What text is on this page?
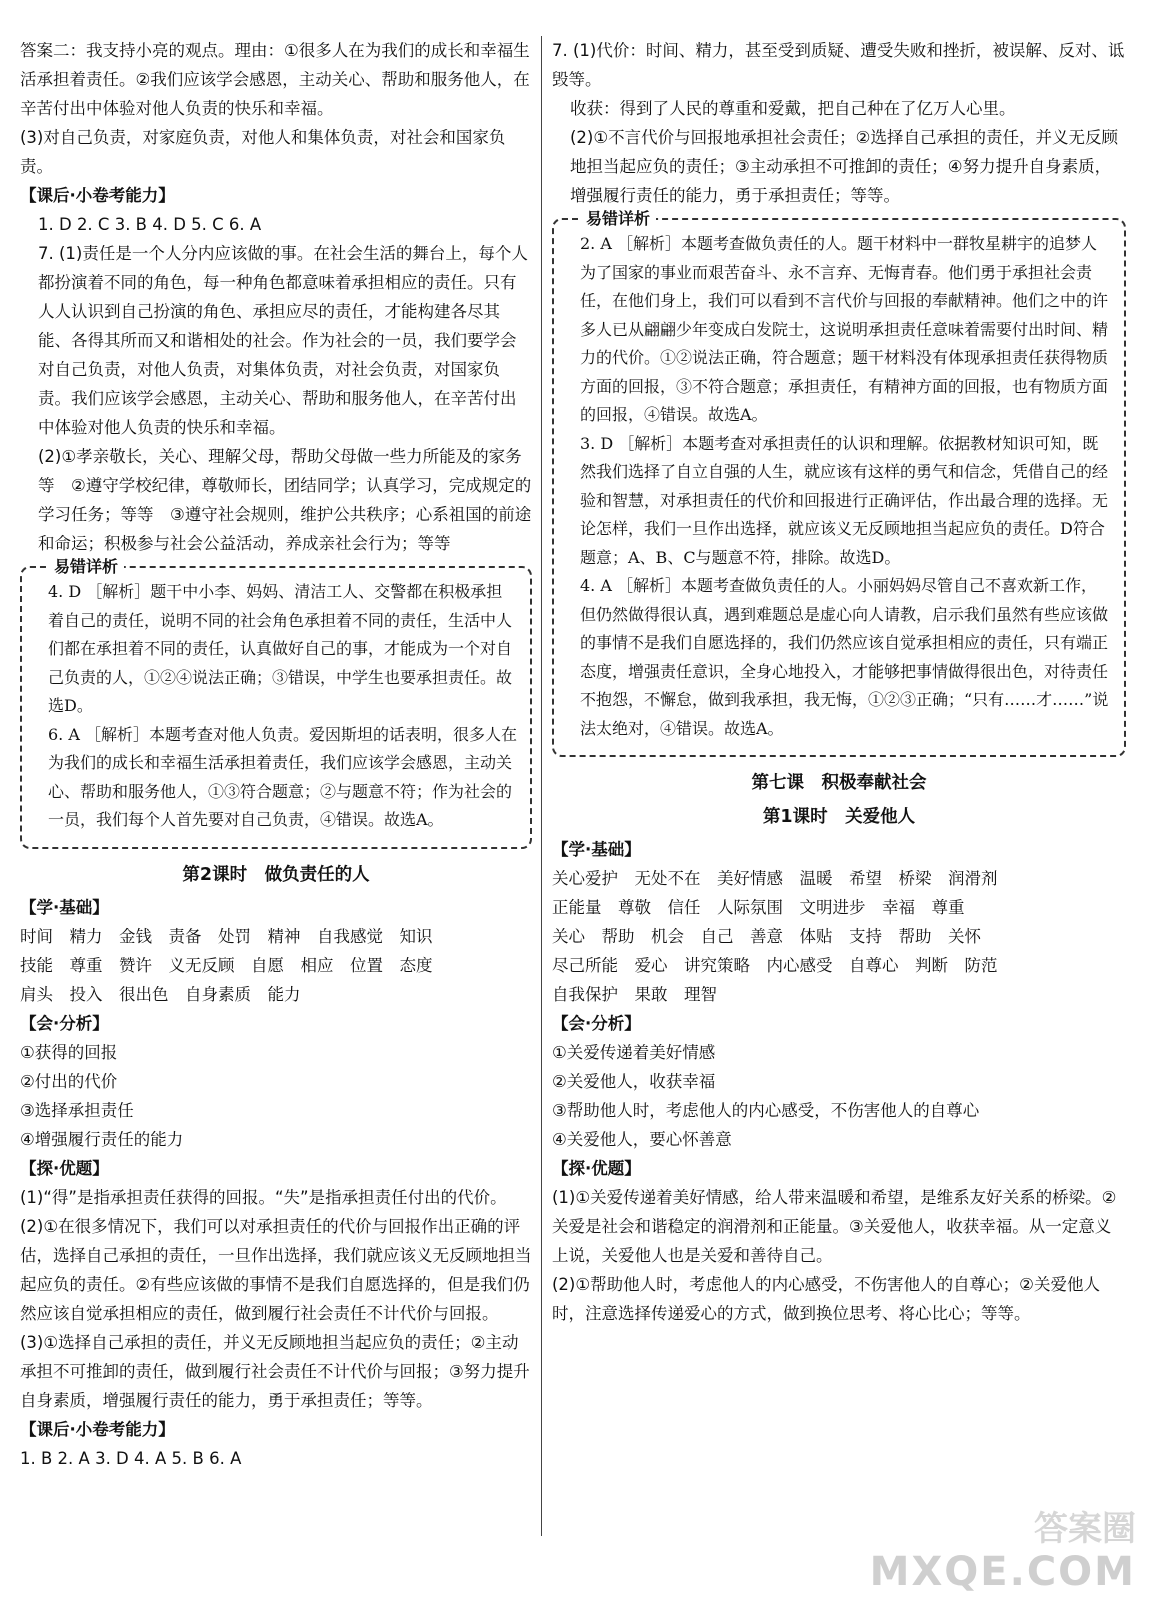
答案二：我支持小亮的观点。理由：①很多人在为我们的成长和幸福生活承担着责任。②我们应该学会感恩，主动关心、帮助和服务他人，在辛苦付出中体验对他人负责的快乐和幸福。

(3)对自己负责，对家庭负责，对他人和集体负责，对社会和国家负责。

【课后·小卷考能力】

1. D 2. C 3. B 4. D 5. C 6. A

7. (1)责任是一个人分内应该做的事。在社会生活的舞台上，每个人都扮演着不同的角色，每一种角色都意味着承担相应的责任。只有人人认识到自己扮演的角色、承担应尽的责任，才能构建各尽其能、各得其所而又和谐相处的社会。作为社会的一员，我们要学会对自己负责，对他人负责，对集体负责，对社会负责，对国家负责。我们应该学会感恩，主动关心、帮助和服务他人，在辛苦付出中体验对他人负责的快乐和幸福。

(2)①孝亲敬长，关心、理解父母，帮助父母做一些力所能及的家务等　②遵守学校纪律，尊敬师长，团结同学；认真学习，完成规定的学习任务；等等　③遵守社会规则，维护公共秩序；心系祖国的前途和命运；积极参与社会公益活动，养成亲社会行为；等等

易错详析

4. D ［解析］题干中小李、妈妈、清洁工人、交警都在积极承担着自己的责任，说明不同的社会角色承担着不同的责任，生活中人们都在承担着不同的责任，认真做好自己的事，才能成为一个对自己负责的人，①②④说法正确；③错误，中学生也要承担责任。故选D。

6. A ［解析］本题考查对他人负责。爱因斯坦的话表明，很多人在为我们的成长和幸福生活承担着责任，我们应该学会感恩，主动关心、帮助和服务他人，①③符合题意；②与题意不符；作为社会的一员，我们每个人首先要对自己负责，④错误。故选A。

第2课时　做负责任的人

【学·基础】

时间　精力　金钱　责备　处罚　精神　自我感觉　知识

技能　尊重　赞许　义无反顾　自愿　相应　位置　态度

肩头　投入　很出色　自身素质　能力

【会·分析】

①获得的回报

②付出的代价

③选择承担责任

④增强履行责任的能力

【探·优题】

(1)“得”是指承担责任获得的回报。“失”是指承担责任付出的代价。

(2)①在很多情况下，我们可以对承担责任的代价与回报作出正确的评估，选择自己承担的责任，一旦作出选择，我们就应该义无反顾地担当起应负的责任。②有些应该做的事情不是我们自愿选择的，但是我们仍然应该自觉承担相应的责任，做到履行社会责任不计代价与回报。

(3)①选择自己承担的责任，并义无反顾地担当起应负的责任；②主动承担不可推卸的责任，做到履行社会责任不计代价与回报；③努力提升自身素质，增强履行责任的能力，勇于承担责任；等等。

【课后·小卷考能力】

1. B 2. A 3. D 4. A 5. B 6. A

7. (1)代价：时间、精力，甚至受到质疑、遭受失败和挫折，被误解、反对、诋毁等。

收获：得到了人民的尊重和爱戴，把自己种在了亿万人心里。

(2)①不言代价与回报地承担社会责任；②选择自己承担的责任，并义无反顾地担当起应负的责任；③主动承担不可推卸的责任；④努力提升自身素质，增强履行责任的能力，勇于承担责任；等等。

易错详析

2. A ［解析］本题考查做负责任的人。题干材料中一群牧星耕宇的追梦人为了国家的事业而艰苦奋斗、永不言弃、无悔青春。他们勇于承担社会责任，在他们身上，我们可以看到不言代价与回报的奉献精神。他们之中的许多人已从翩翩少年变成白发院士，这说明承担责任意味着需要付出时间、精力的代价。①②说法正确，符合题意；题干材料没有体现承担责任获得物质方面的回报，③不符合题意；承担责任，有精神方面的回报，也有物质方面的回报，④错误。故选A。

3. D ［解析］本题考查对承担责任的认识和理解。依据教材知识可知，既然我们选择了自立自强的人生，就应该有这样的勇气和信念，凭借自己的经验和智慧，对承担责任的代价和回报进行正确评估，作出最合理的选择。无论怎样，我们一旦作出选择，就应该义无反顾地担当起应负的责任。D符合题意；A、B、C与题意不符，排除。故选D。

4. A ［解析］本题考查做负责任的人。小丽妈妈尽管自己不喜欢新工作，但仍然做得很认真，遇到难题总是虚心向人请教，启示我们虽然有些应该做的事情不是我们自愿选择的，我们仍然应该自觉承担相应的责任，只有端正态度，增强责任意识，全身心地投入，才能够把事情做得很出色，对待责任不抱怨，不懈怠，做到我承担，我无悔，①②③正确；“只有……才……”说法太绝对，④错误。故选A。

第七课　积极奉献社会
第1课时　关爱他人

【学·基础】

关心爱护　无处不在　美好情感　温暖　希望　桥梁　润滑剂

正能量　尊敬　信任　人际氛围　文明进步　幸福　尊重

关心　帮助　机会　自己　善意　体贴　支持　帮助　关怀

尽己所能　爱心　讲究策略　内心感受　自尊心　判断　防范

自我保护　果敢　理智

【会·分析】

①关爱传递着美好情感

②关爱他人，收获幸福

③帮助他人时，考虑他人的内心感受，不伤害他人的自尊心

④关爱他人，要心怀善意

【探·优题】

(1)①关爱传递着美好情感，给人带来温暖和希望，是维系友好关系的桥梁。②关爱是社会和谐稳定的润滑剂和正能量。③关爱他人，收获幸福。从一定意义上说，关爱他人也是关爱和善待自己。

(2)①帮助他人时，考虑他人的内心感受，不伤害他人的自尊心；②关爱他人时，注意选择传递爱心的方式，做到换位思考、将心比心；等等。

答案圈
MXQE.COM
